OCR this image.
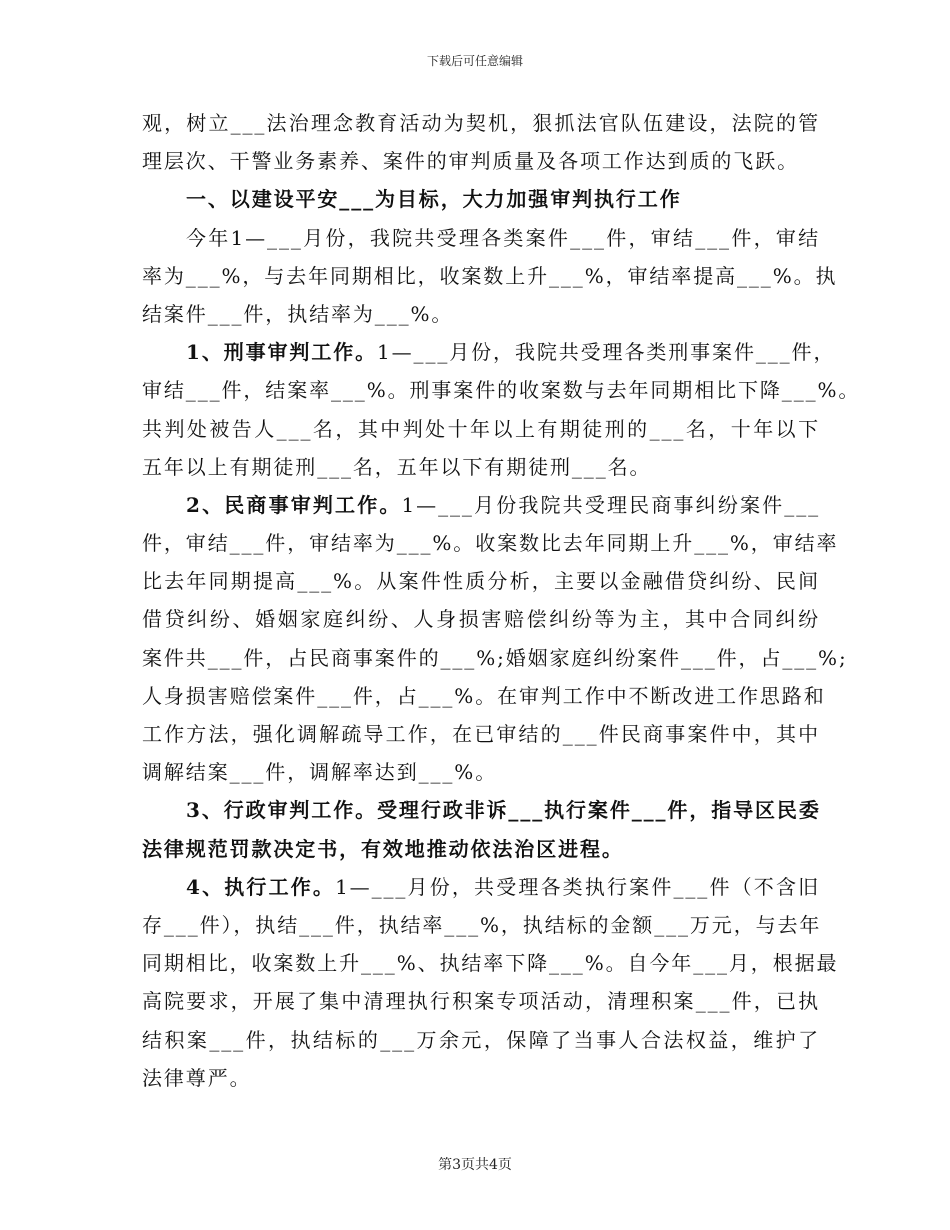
下载后可任意编辑
观，树立___法治理念教育活动为契机，狠抓法官队伍建设，法院的管
理层次、干警业务素养、案件的审判质量及各项工作达到质的飞跃。
一、以建设平安___为目标，大力加强审判执行工作
今年1—___月份，我院共受理各类案件___件，审结___件，审结
率为___%，与去年同期相比，收案数上升___%，审结率提高___%。执
结案件___件，执结率为___%。
1、刑事审判工作。1—___月份，我院共受理各类刑事案件___件，
审结___件，结案率___%。刑事案件的收案数与去年同期相比下降___%。
共判处被告人___名，其中判处十年以上有期徒刑的___名，十年以下
五年以上有期徒刑___名，五年以下有期徒刑___名。
2、民商事审判工作。1—___月份我院共受理民商事纠纷案件___
件，审结___件，审结率为___%。收案数比去年同期上升___%，审结率
比去年同期提高___%。从案件性质分析，主要以金融借贷纠纷、民间
借贷纠纷、婚姻家庭纠纷、人身损害赔偿纠纷等为主，其中合同纠纷
案件共___件，占民商事案件的___%;婚姻家庭纠纷案件___件，占___%;
人身损害赔偿案件___件，占___%。在审判工作中不断改进工作思路和
工作方法，强化调解疏导工作，在已审结的___件民商事案件中，其中
调解结案___件，调解率达到___%。
3、行政审判工作。受理行政非诉___执行案件___件，指导区民委
法律规范罚款决定书，有效地推动依法治区进程。
4、执行工作。1—___月份，共受理各类执行案件___件（不含旧
存___件），执结___件，执结率___%，执结标的金额___万元，与去年
同期相比，收案数上升___%、执结率下降___%。自今年___月，根据最
高院要求，开展了集中清理执行积案专项活动，清理积案___件，已执
结积案___件，执结标的___万余元，保障了当事人合法权益，维护了
法律尊严。
第3页共4页
